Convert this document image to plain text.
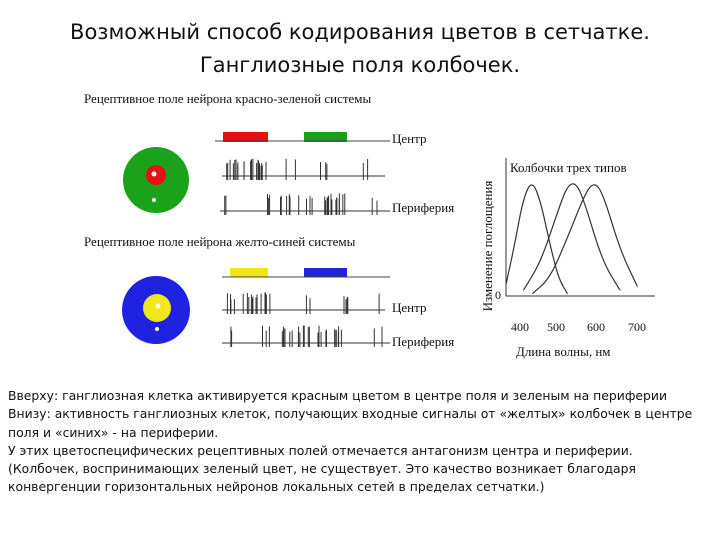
Возможный способ кодирования цветов в сетчатке.
Ганглиозные поля колбочек.
Рецептивное поле нейрона красно-зеленой системы
Центр
Периферия
Рецептивное поле нейрона желто-синей системы
Центр
Периферия
Колбочки трех типов
Изменение поглощения 0
400 500 600 700
Длина волны, нм
Вверху: ганглиозная клетка активируется красным цветом в центре поля и зеленым на периферии
Внизу: активность ганглиозных клеток, получающих входные сигналы от «желтых» колбочек в центре
поля и «синих» - на периферии.
У этих цветоспецифических рецептивных полей отмечается антагонизм центра и периферии.
(Колбочек, воспринимающих зеленый цвет, не существует. Это качество возникает благодаря
конвергенции горизонтальных нейронов локальных сетей в пределах сетчатки.)
